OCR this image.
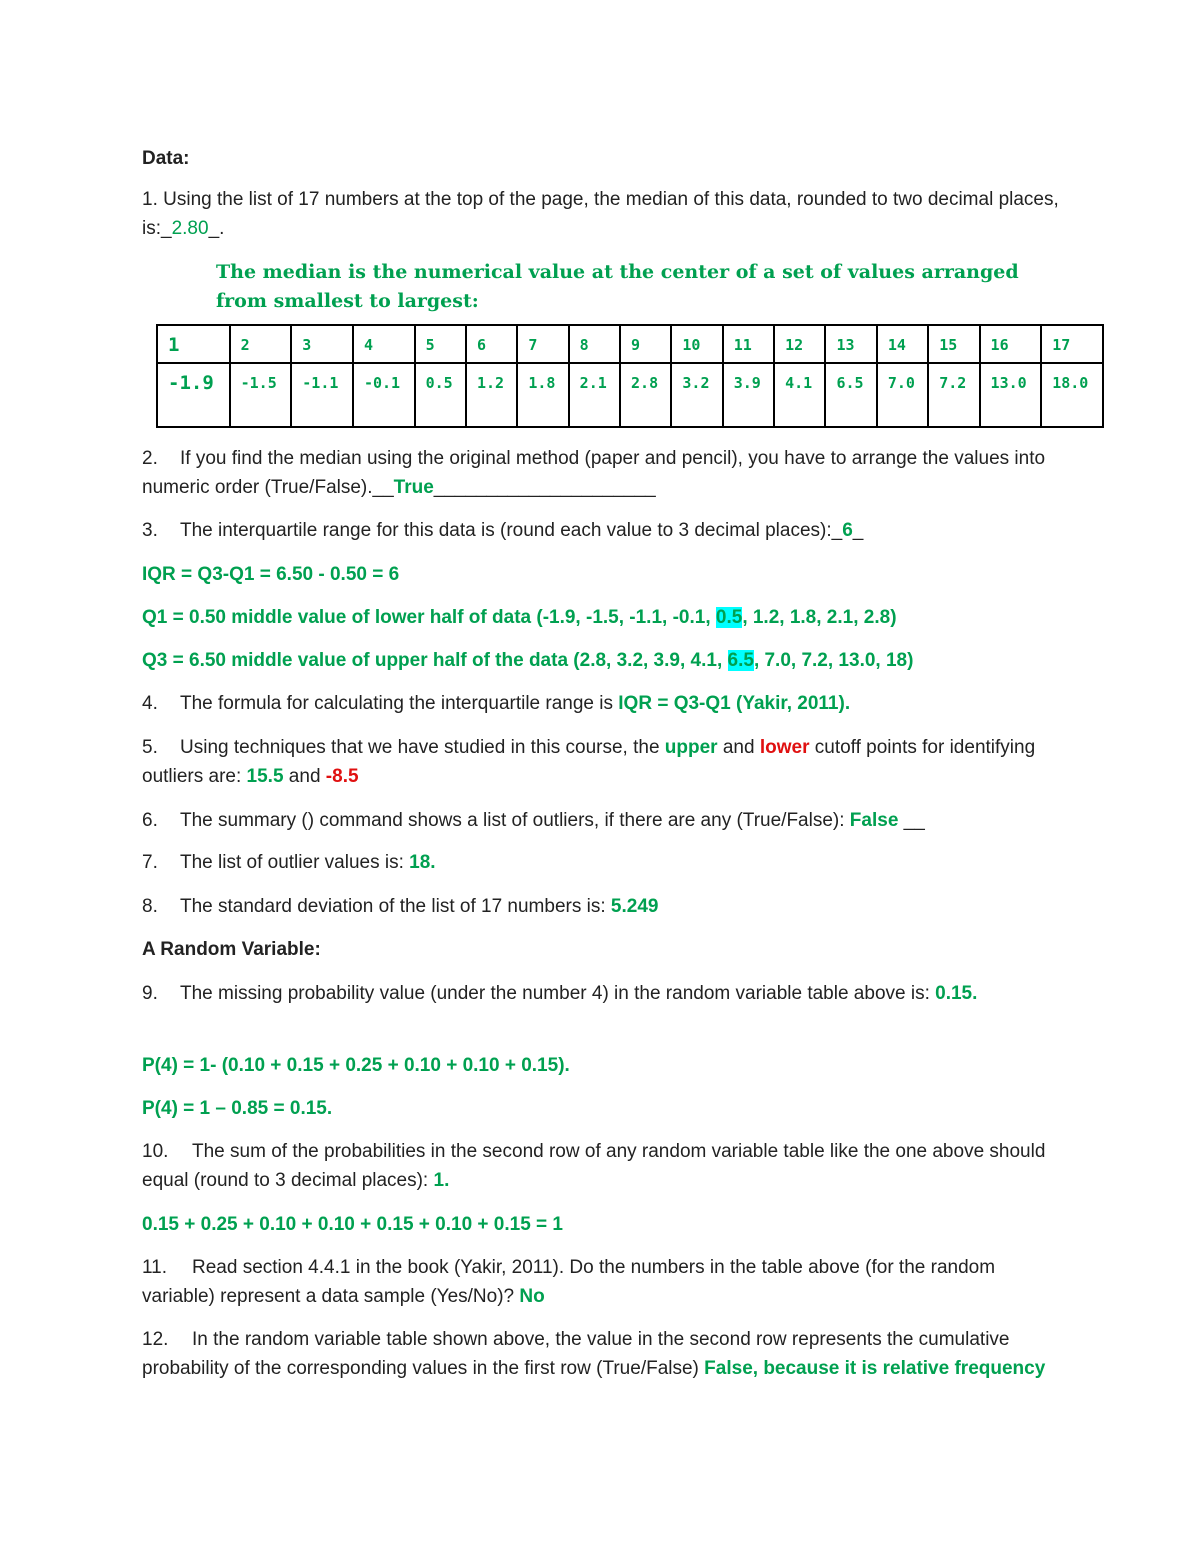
Data:

1. Using the list of 17 numbers at the top of the page, the median of this data, rounded to two decimal places, is:_2.80_.

The median is the numerical value at the center of a set of values arranged from smallest to largest:

2. If you find the median using the original method (paper and pencil), you have to arrange the values into numeric order (True/False).__True_____________________

3. The interquartile range for this data is (round each value to 3 decimal places):_6_

IQR = Q3-Q1 = 6.50 - 0.50 = 6

Q1 = 0.50 middle value of lower half of data (-1.9, -1.5, -1.1, -0.1, 0.5, 1.2, 1.8, 2.1, 2.8)

Q3 = 6.50 middle value of upper half of the data (2.8, 3.2, 3.9, 4.1, 6.5, 7.0, 7.2, 13.0, 18)

4. The formula for calculating the interquartile range is IQR = Q3-Q1 (Yakir, 2011).

5. Using techniques that we have studied in this course, the upper and lower cutoff points for identifying outliers are: 15.5 and -8.5

6. The summary () command shows a list of outliers, if there are any (True/False): False __

7. The list of outlier values is: 18.

8. The standard deviation of the list of 17 numbers is: 5.249

A Random Variable:

9. The missing probability value (under the number 4) in the random variable table above is: 0.15.

P(4) = 1- (0.10 + 0.15 + 0.25 + 0.10 + 0.10 + 0.15).

P(4) = 1 – 0.85 = 0.15.

10. The sum of the probabilities in the second row of any random variable table like the one above should equal (round to 3 decimal places): 1.

0.15 + 0.25 + 0.10 + 0.10 + 0.15 + 0.10 + 0.15 = 1

11. Read section 4.4.1 in the book (Yakir, 2011). Do the numbers in the table above (for the random variable) represent a data sample (Yes/No)? No

12. In the random variable table shown above, the value in the second row represents the cumulative probability of the corresponding values in the first row (True/False) False, because it is relative frequency

1	2	3	4	5	6	7	8	9	10	11	12	13	14	15	16	17
-1.9	-1.5	-1.1	-0.1	0.5	1.2	1.8	2.1	2.8	3.2	3.9	4.1	6.5	7.0	7.2	13.0	18.0
